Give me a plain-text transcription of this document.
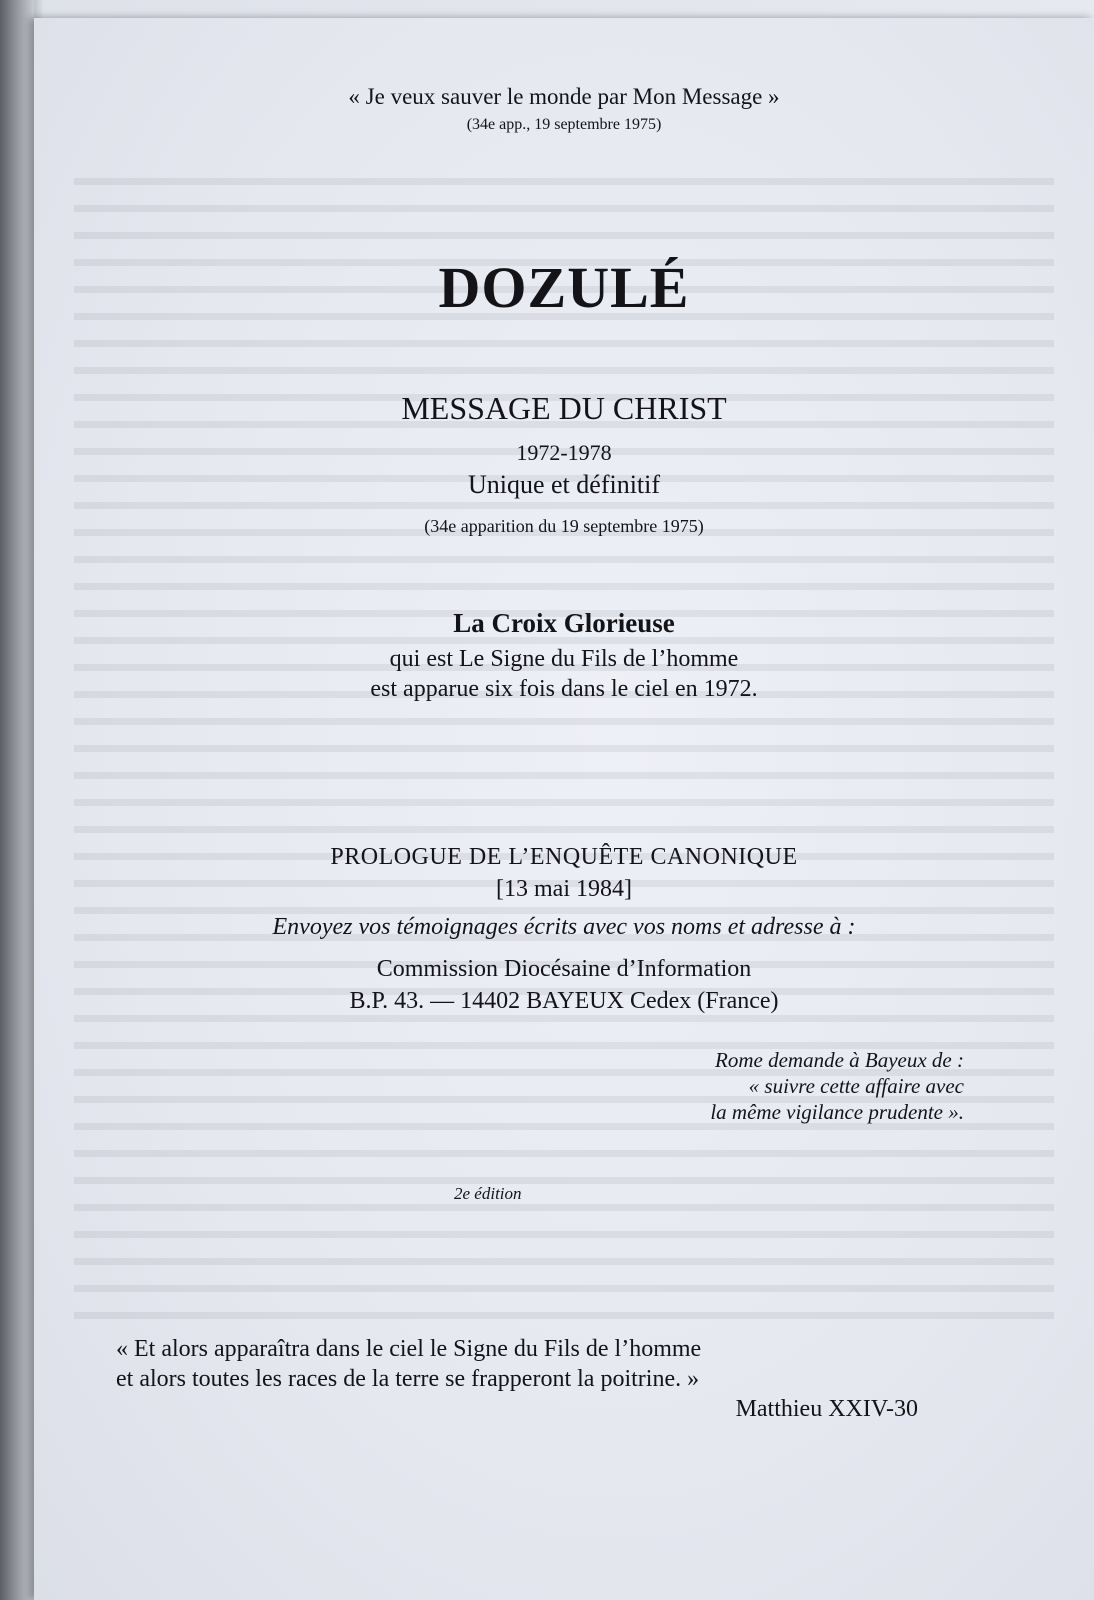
« Je veux sauver le monde par Mon Message »

(34e app., 19 septembre 1975)

DOZULÉ

MESSAGE DU CHRIST

1972-1978

Unique et définitif

(34e apparition du 19 septembre 1975)

La Croix Glorieuse

qui est Le Signe du Fils de l’homme

est apparue six fois dans le ciel en 1972.

PROLOGUE DE L’ENQUÊTE CANONIQUE

[13 mai 1984]

Envoyez vos témoignages écrits avec vos noms et adresse à :

Commission Diocésaine d’Information

B.P. 43. — 14402 BAYEUX Cedex (France)

Rome demande à Bayeux de :

« suivre cette affaire avec

la même vigilance prudente ».

2e édition

« Et alors apparaîtra dans le ciel le Signe du Fils de l’homme

et alors toutes les races de la terre se frapperont la poitrine. »

Matthieu XXIV-30
